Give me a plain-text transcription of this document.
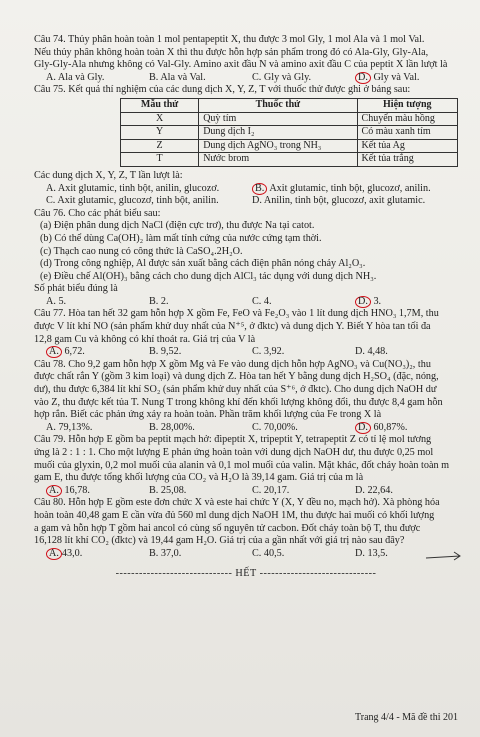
Câu 74. Thủy phân hoàn toàn 1 mol pentapeptit X, thu được 3 mol Gly, 1 mol Ala và 1 mol Val.
Nếu thủy phân không hoàn toàn X thì thu được hỗn hợp sản phẩm trong đó có Ala-Gly, Gly-Ala,
Gly-Gly-Ala nhưng không có Val-Gly. Amino axit đầu N và amino axit đầu C của peptit X lần lượt là
A. Ala và Gly.	B. Ala và Val.	C. Gly và Gly.	D. Gly và Val.
Câu 75. Kết quả thí nghiệm của các dung dịch X, Y, Z, T với thuốc thử được ghi ở bảng sau:
Mẫu thử	Thuốc thử	Hiện tượng
X	Quỳ tím	Chuyển màu hồng
Y	Dung dịch I₂	Có màu xanh tím
Z	Dung dịch AgNO₃ trong NH₃	Kết tủa Ag
T	Nước brom	Kết tủa trắng
Các dung dịch X, Y, Z, T lần lượt là:
A. Axit glutamic, tinh bột, anilin, glucozơ.	B. Axit glutamic, tinh bột, glucozơ, anilin.
C. Axit glutamic, glucozơ, tinh bột, anilin.	D. Anilin, tinh bột, glucozơ, axit glutamic.
Câu 76. Cho các phát biểu sau:
(a) Điện phân dung dịch NaCl (điện cực trơ), thu được Na tại catot.
(b) Có thể dùng Ca(OH)₂ làm mất tính cứng của nước cứng tạm thời.
(c) Thạch cao nung có công thức là CaSO₄.2H₂O.
(d) Trong công nghiệp, Al được sản xuất bằng cách điện phân nóng chảy Al₂O₃.
(e) Điều chế Al(OH)₃ bằng cách cho dung dịch AlCl₃ tác dụng với dung dịch NH₃.
Số phát biểu đúng là
A. 5.	B. 2.	C. 4.	D. 3.
Câu 77. Hòa tan hết 32 gam hỗn hợp X gồm Fe, FeO và Fe₂O₃ vào 1 lít dung dịch HNO₃ 1,7M, thu
được V lít khí NO (sản phẩm khử duy nhất của N⁺⁵, ở đktc) và dung dịch Y. Biết Y hòa tan tối đa
12,8 gam Cu và không có khí thoát ra. Giá trị của V là
A. 6,72.	B. 9,52.	C. 3,92.	D. 4,48.
Câu 78. Cho 9,2 gam hỗn hợp X gồm Mg và Fe vào dung dịch hỗn hợp AgNO₃ và Cu(NO₃)₂, thu
được chất rắn Y (gồm 3 kim loại) và dung dịch Z. Hòa tan hết Y bằng dung dịch H₂SO₄ (đặc, nóng,
dư), thu được 6,384 lít khí SO₂ (sản phẩm khử duy nhất của S⁺⁶, ở đktc). Cho dung dịch NaOH dư
vào Z, thu được kết tủa T. Nung T trong không khí đến khối lượng không đổi, thu được 8,4 gam hỗn
hợp rắn. Biết các phản ứng xảy ra hoàn toàn. Phần trăm khối lượng của Fe trong X là
A. 79,13%.	B. 28,00%.	C. 70,00%.	D. 60,87%.
Câu 79. Hỗn hợp E gồm ba peptit mạch hở: đipeptit X, tripeptit Y, tetrapeptit Z có tỉ lệ mol tương
ứng là 2 : 1 : 1. Cho một lượng E phản ứng hoàn toàn với dung dịch NaOH dư, thu được 0,25 mol
muối của glyxin, 0,2 mol muối của alanin và 0,1 mol muối của valin. Mặt khác, đốt cháy hoàn toàn m
gam E, thu được tổng khối lượng của CO₂ và H₂O là 39,14 gam. Giá trị của m là
A. 16,78.	B. 25,08.	C. 20,17.	D. 22,64.
Câu 80. Hỗn hợp E gồm este đơn chức X và este hai chức Y (X, Y đều no, mạch hở). Xà phòng hóa
hoàn toàn 40,48 gam E cần vừa đủ 560 ml dung dịch NaOH 1M, thu được hai muối có khối lượng
a gam và hỗn hợp T gồm hai ancol có cùng số nguyên tử cacbon. Đốt cháy toàn bộ T, thu được
16,128 lít khí CO₂ (đktc) và 19,44 gam H₂O. Giá trị của a gần nhất với giá trị nào sau đây?
A. 43,0.	B. 37,0.	C. 40,5.	D. 13,5.
------------------------------ HẾT ------------------------------
Trang 4/4 - Mã đề thi 201
